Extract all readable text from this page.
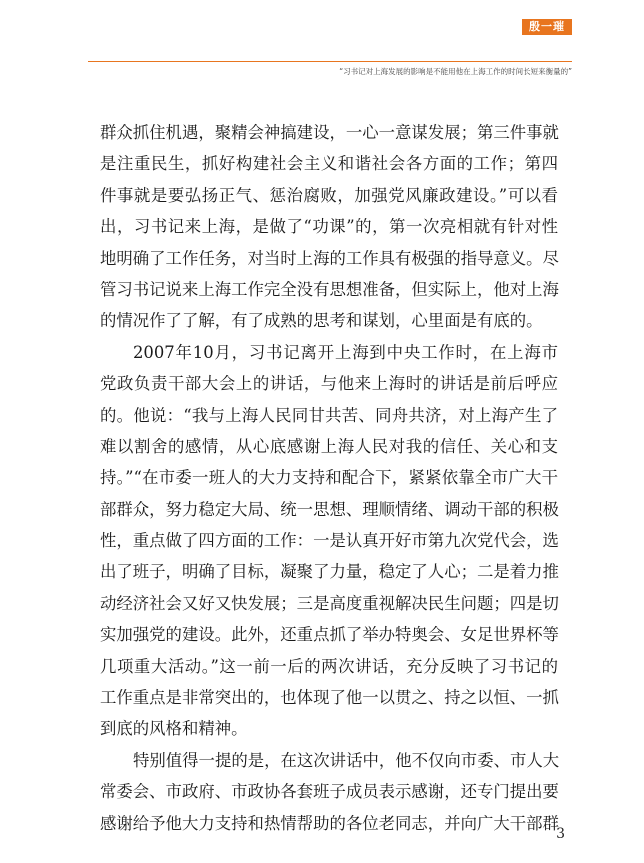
殷一璀
“习书记对上海发展的影响是不能用他在上海工作的时间长短来衡量的”
群众抓住机遇，聚精会神搞建设，一心一意谋发展；第三件事就
是注重民生，抓好构建社会主义和谐社会各方面的工作；第四
件事就是要弘扬正气、惩治腐败，加强党风廉政建设。”可以看
出，习书记来上海，是做了“功课”的，第一次亮相就有针对性
地明确了工作任务，对当时上海的工作具有极强的指导意义。尽
管习书记说来上海工作完全没有思想准备，但实际上，他对上海
的情况作了了解，有了成熟的思考和谋划，心里面是有底的。
2007年10月，习书记离开上海到中央工作时，在上海市
党政负责干部大会上的讲话，与他来上海时的讲话是前后呼应
的。他说：“我与上海人民同甘共苦、同舟共济，对上海产生了
难以割舍的感情，从心底感谢上海人民对我的信任、关心和支
持。”“在市委一班人的大力支持和配合下，紧紧依靠全市广大干
部群众，努力稳定大局、统一思想、理顺情绪、调动干部的积极
性，重点做了四方面的工作：一是认真开好市第九次党代会，选
出了班子，明确了目标，凝聚了力量，稳定了人心；二是着力推
动经济社会又好又快发展；三是高度重视解决民生问题；四是切
实加强党的建设。此外，还重点抓了举办特奥会、女足世界杯等
几项重大活动。”这一前一后的两次讲话，充分反映了习书记的
工作重点是非常突出的，也体现了他一以贯之、持之以恒、一抓
到底的风格和精神。
特别值得一提的是，在这次讲话中，他不仅向市委、市人大
常委会、市政府、市政协各套班子成员表示感谢，还专门提出要
感谢给予他大力支持和热情帮助的各位老同志，并向广大干部群
3
